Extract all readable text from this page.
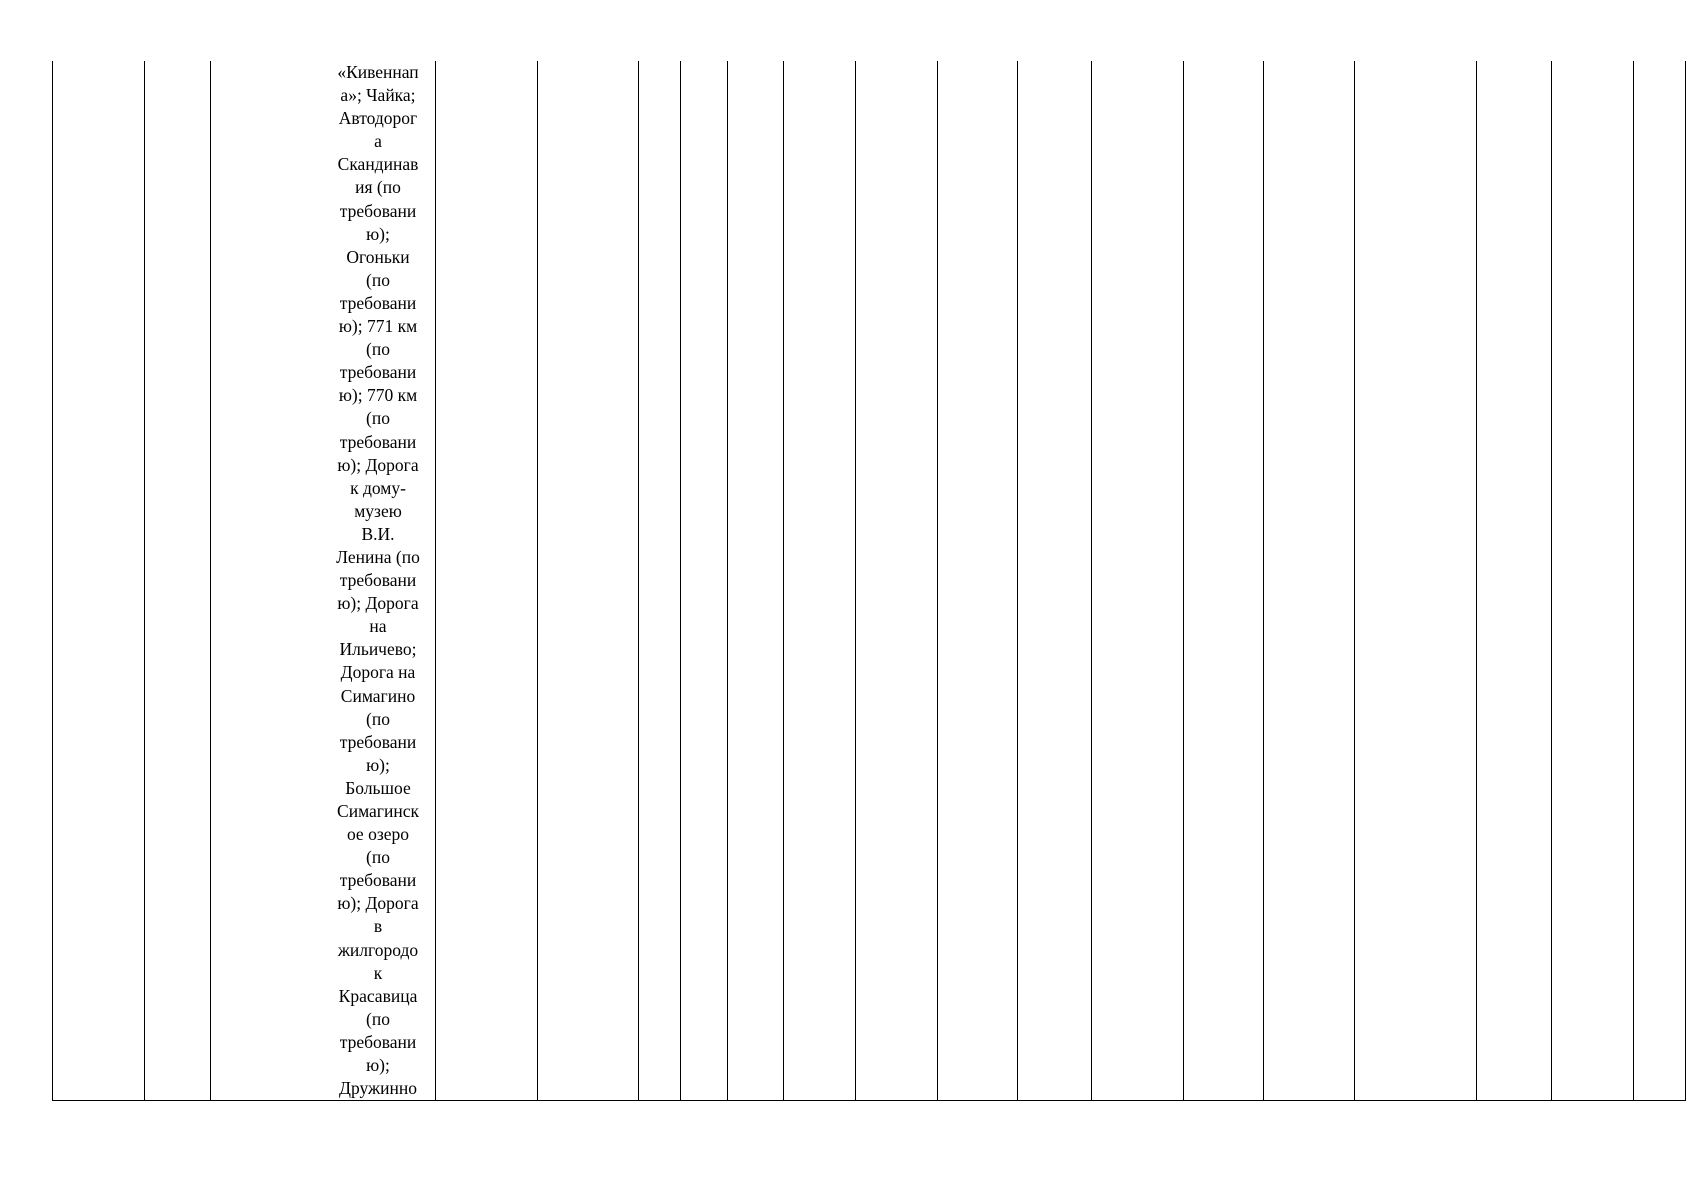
«Кивеннап
а»; Чайка;
Автодорог
а
Скандинав
ия (по
требовани
ю);
Огоньки
(по
требовани
ю); 771 км
(по
требовани
ю); 770 км
(по
требовани
ю); Дорога
к дому-
музею
В.И.
Ленина (по
требовани
ю); Дорога
на
Ильичево;
Дорога на
Симагино
(по
требовани
ю);
Большое
Симагинск
ое озеро
(по
требовани
ю); Дорога
в
жилгородо
к
Красавица
(по
требовани
ю);
Дружинно
